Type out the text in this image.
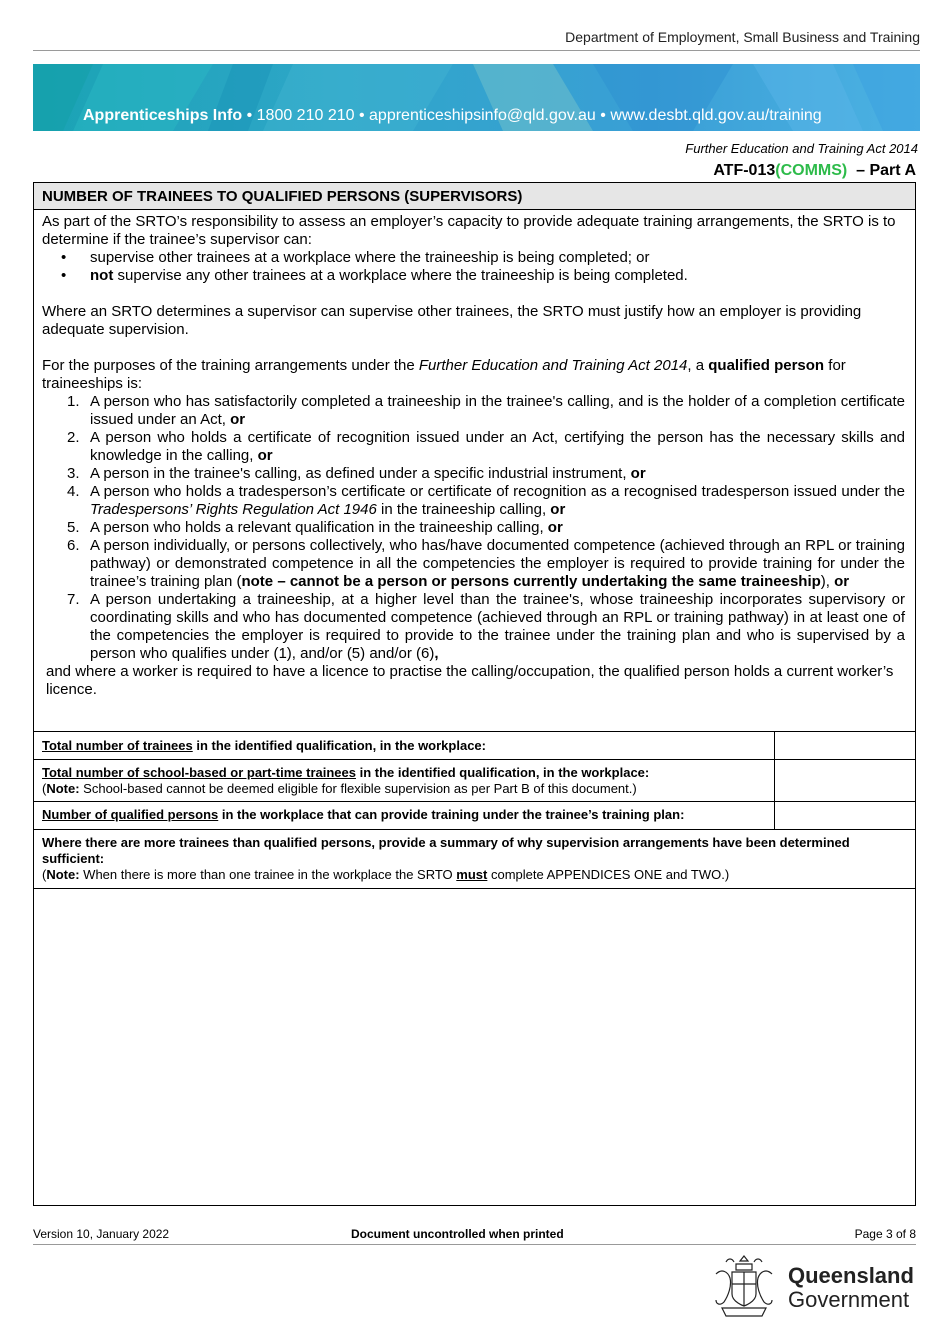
Department of Employment, Small Business and Training
Apprenticeships Info • 1800 210 210 • apprenticeshipsinfo@qld.gov.au • www.desbt.qld.gov.au/training
Further Education and Training Act 2014
ATF-013(COMMS) – Part A
NUMBER OF TRAINEES TO QUALIFIED PERSONS (SUPERVISORS)

As part of the SRTO’s responsibility to assess an employer’s capacity to provide adequate training arrangements, the SRTO is to determine if the trainee’s supervisor can:

• supervise other trainees at a workplace where the traineeship is being completed; or
• not supervise any other trainees at a workplace where the traineeship is being completed.

Where an SRTO determines a supervisor can supervise other trainees, the SRTO must justify how an employer is providing adequate supervision.

For the purposes of the training arrangements under the Further Education and Training Act 2014, a qualified person for traineeships is:

1. A person who has satisfactorily completed a traineeship in the trainee's calling, and is the holder of a completion certificate issued under an Act, or
2. A person who holds a certificate of recognition issued under an Act, certifying the person has the necessary skills and knowledge in the calling, or
3. A person in the trainee's calling, as defined under a specific industrial instrument, or
4. A person who holds a tradesperson’s certificate or certificate of recognition as a recognised tradesperson issued under the Tradespersons’ Rights Regulation Act 1946 in the traineeship calling, or
5. A person who holds a relevant qualification in the traineeship calling, or
6. A person individually, or persons collectively, who has/have documented competence (achieved through an RPL or training pathway) or demonstrated competence in all the competencies the employer is required to provide training for under the trainee’s training plan (note – cannot be a person or persons currently undertaking the same traineeship), or
7. A person undertaking a traineeship, at a higher level than the trainee's, whose traineeship incorporates supervisory or coordinating skills and who has documented competence (achieved through an RPL or training pathway) in at least one of the competencies the employer is required to provide to the trainee under the training plan and who is supervised by a person who qualifies under (1), and/or (5) and/or (6),

and where a worker is required to have a licence to practise the calling/occupation, the qualified person holds a current worker’s licence.

Total number of trainees in the identified qualification, in the workplace:
Total number of school-based or part-time trainees in the identified qualification, in the workplace:
(Note: School-based cannot be deemed eligible for flexible supervision as per Part B of this document.)
Number of qualified persons in the workplace that can provide training under the trainee’s training plan:
Where there are more trainees than qualified persons, provide a summary of why supervision arrangements have been determined sufficient:
(Note: When there is more than one trainee in the workplace the SRTO must complete APPENDICES ONE and TWO.)
Version 10, January 2022	Document uncontrolled when printed	Page 3 of 8
Queensland
Government
